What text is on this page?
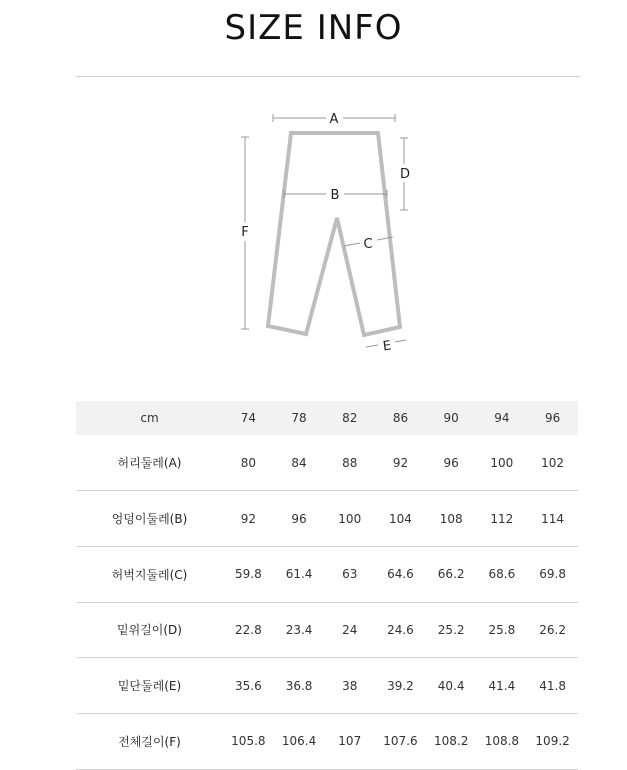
SIZE INFO
A
B
C
D
E
F
cm	74	78	82	86	90	94	96
허리둘레(A)	80	84	88	92	96	100	102
엉덩이둘레(B)	92	96	100	104	108	112	114
허벅지둘레(C)	59.8	61.4	63	64.6	66.2	68.6	69.8
밑위길이(D)	22.8	23.4	24	24.6	25.2	25.8	26.2
밑단둘레(E)	35.6	36.8	38	39.2	40.4	41.4	41.8
전체길이(F)	105.8	106.4	107	107.6	108.2	108.8	109.2
